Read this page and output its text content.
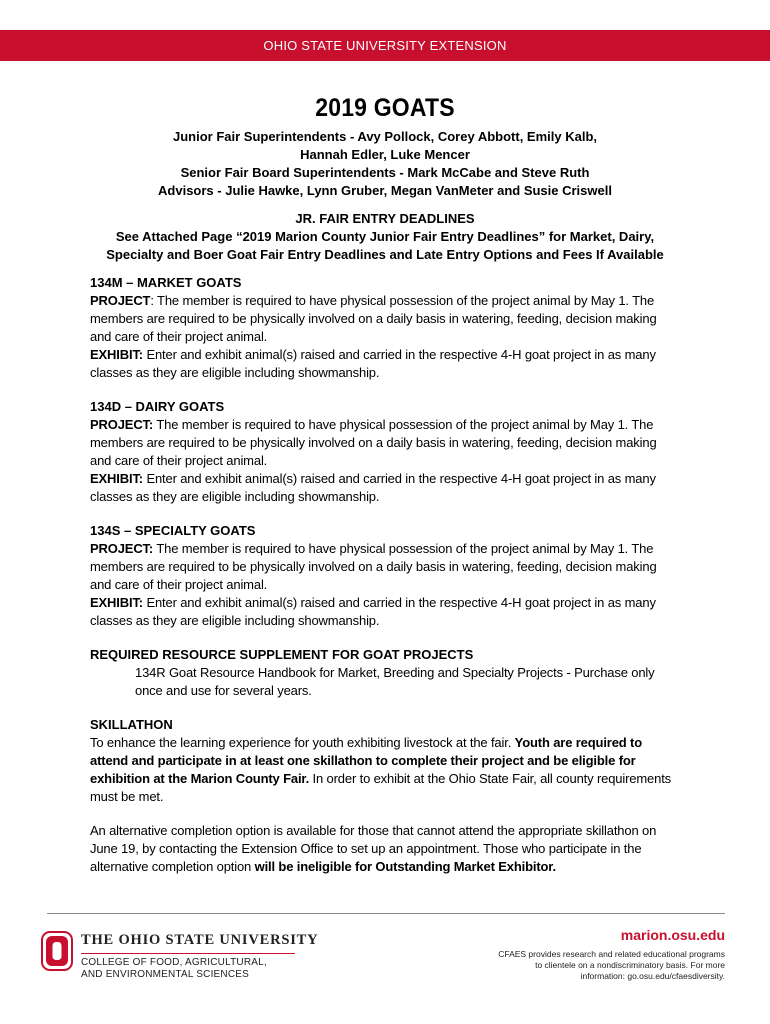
OHIO STATE UNIVERSITY EXTENSION
2019 GOATS
Junior Fair Superintendents - Avy Pollock, Corey Abbott, Emily Kalb,
Hannah Edler, Luke Mencer
Senior Fair Board Superintendents - Mark McCabe and Steve Ruth
Advisors - Julie Hawke, Lynn Gruber, Megan VanMeter and Susie Criswell
JR. FAIR ENTRY DEADLINES
See Attached Page “2019 Marion County Junior Fair Entry Deadlines” for Market, Dairy,
Specialty and Boer Goat Fair Entry Deadlines and Late Entry Options and Fees If Available
134M – MARKET GOATS

PROJECT: The member is required to have physical possession of the project animal by May 1. The members are required to be physically involved on a daily basis in watering, feeding, decision making and care of their project animal.

EXHIBIT: Enter and exhibit animal(s) raised and carried in the respective 4-H goat project in as many classes as they are eligible including showmanship.

134D – DAIRY GOATS

PROJECT: The member is required to have physical possession of the project animal by May 1. The members are required to be physically involved on a daily basis in watering, feeding, decision making and care of their project animal.

EXHIBIT: Enter and exhibit animal(s) raised and carried in the respective 4-H goat project in as many classes as they are eligible including showmanship.

134S – SPECIALTY GOATS

PROJECT: The member is required to have physical possession of the project animal by May 1. The members are required to be physically involved on a daily basis in watering, feeding, decision making and care of their project animal.

EXHIBIT: Enter and exhibit animal(s) raised and carried in the respective 4-H goat project in as many classes as they are eligible including showmanship.

REQUIRED RESOURCE SUPPLEMENT FOR GOAT PROJECTS
134R Goat Resource Handbook for Market, Breeding and Specialty Projects - Purchase only once and use for several years.
SKILLATHON

To enhance the learning experience for youth exhibiting livestock at the fair. Youth are required to attend and participate in at least one skillathon to complete their project and be eligible for exhibition at the Marion County Fair. In order to exhibit at the Ohio State Fair, all county requirements must be met.

An alternative completion option is available for those that cannot attend the appropriate skillathon on June 19, by contacting the Extension Office to set up an appointment. Those who participate in the alternative completion option will be ineligible for Outstanding Market Exhibitor.

THE OHIO STATE UNIVERSITY
COLLEGE OF FOOD, AGRICULTURAL,
AND ENVIRONMENTAL SCIENCES
marion.osu.edu
CFAES provides research and related educational programs to clientele on a nondiscriminatory basis. For more information: go.osu.edu/cfaesdiversity.
